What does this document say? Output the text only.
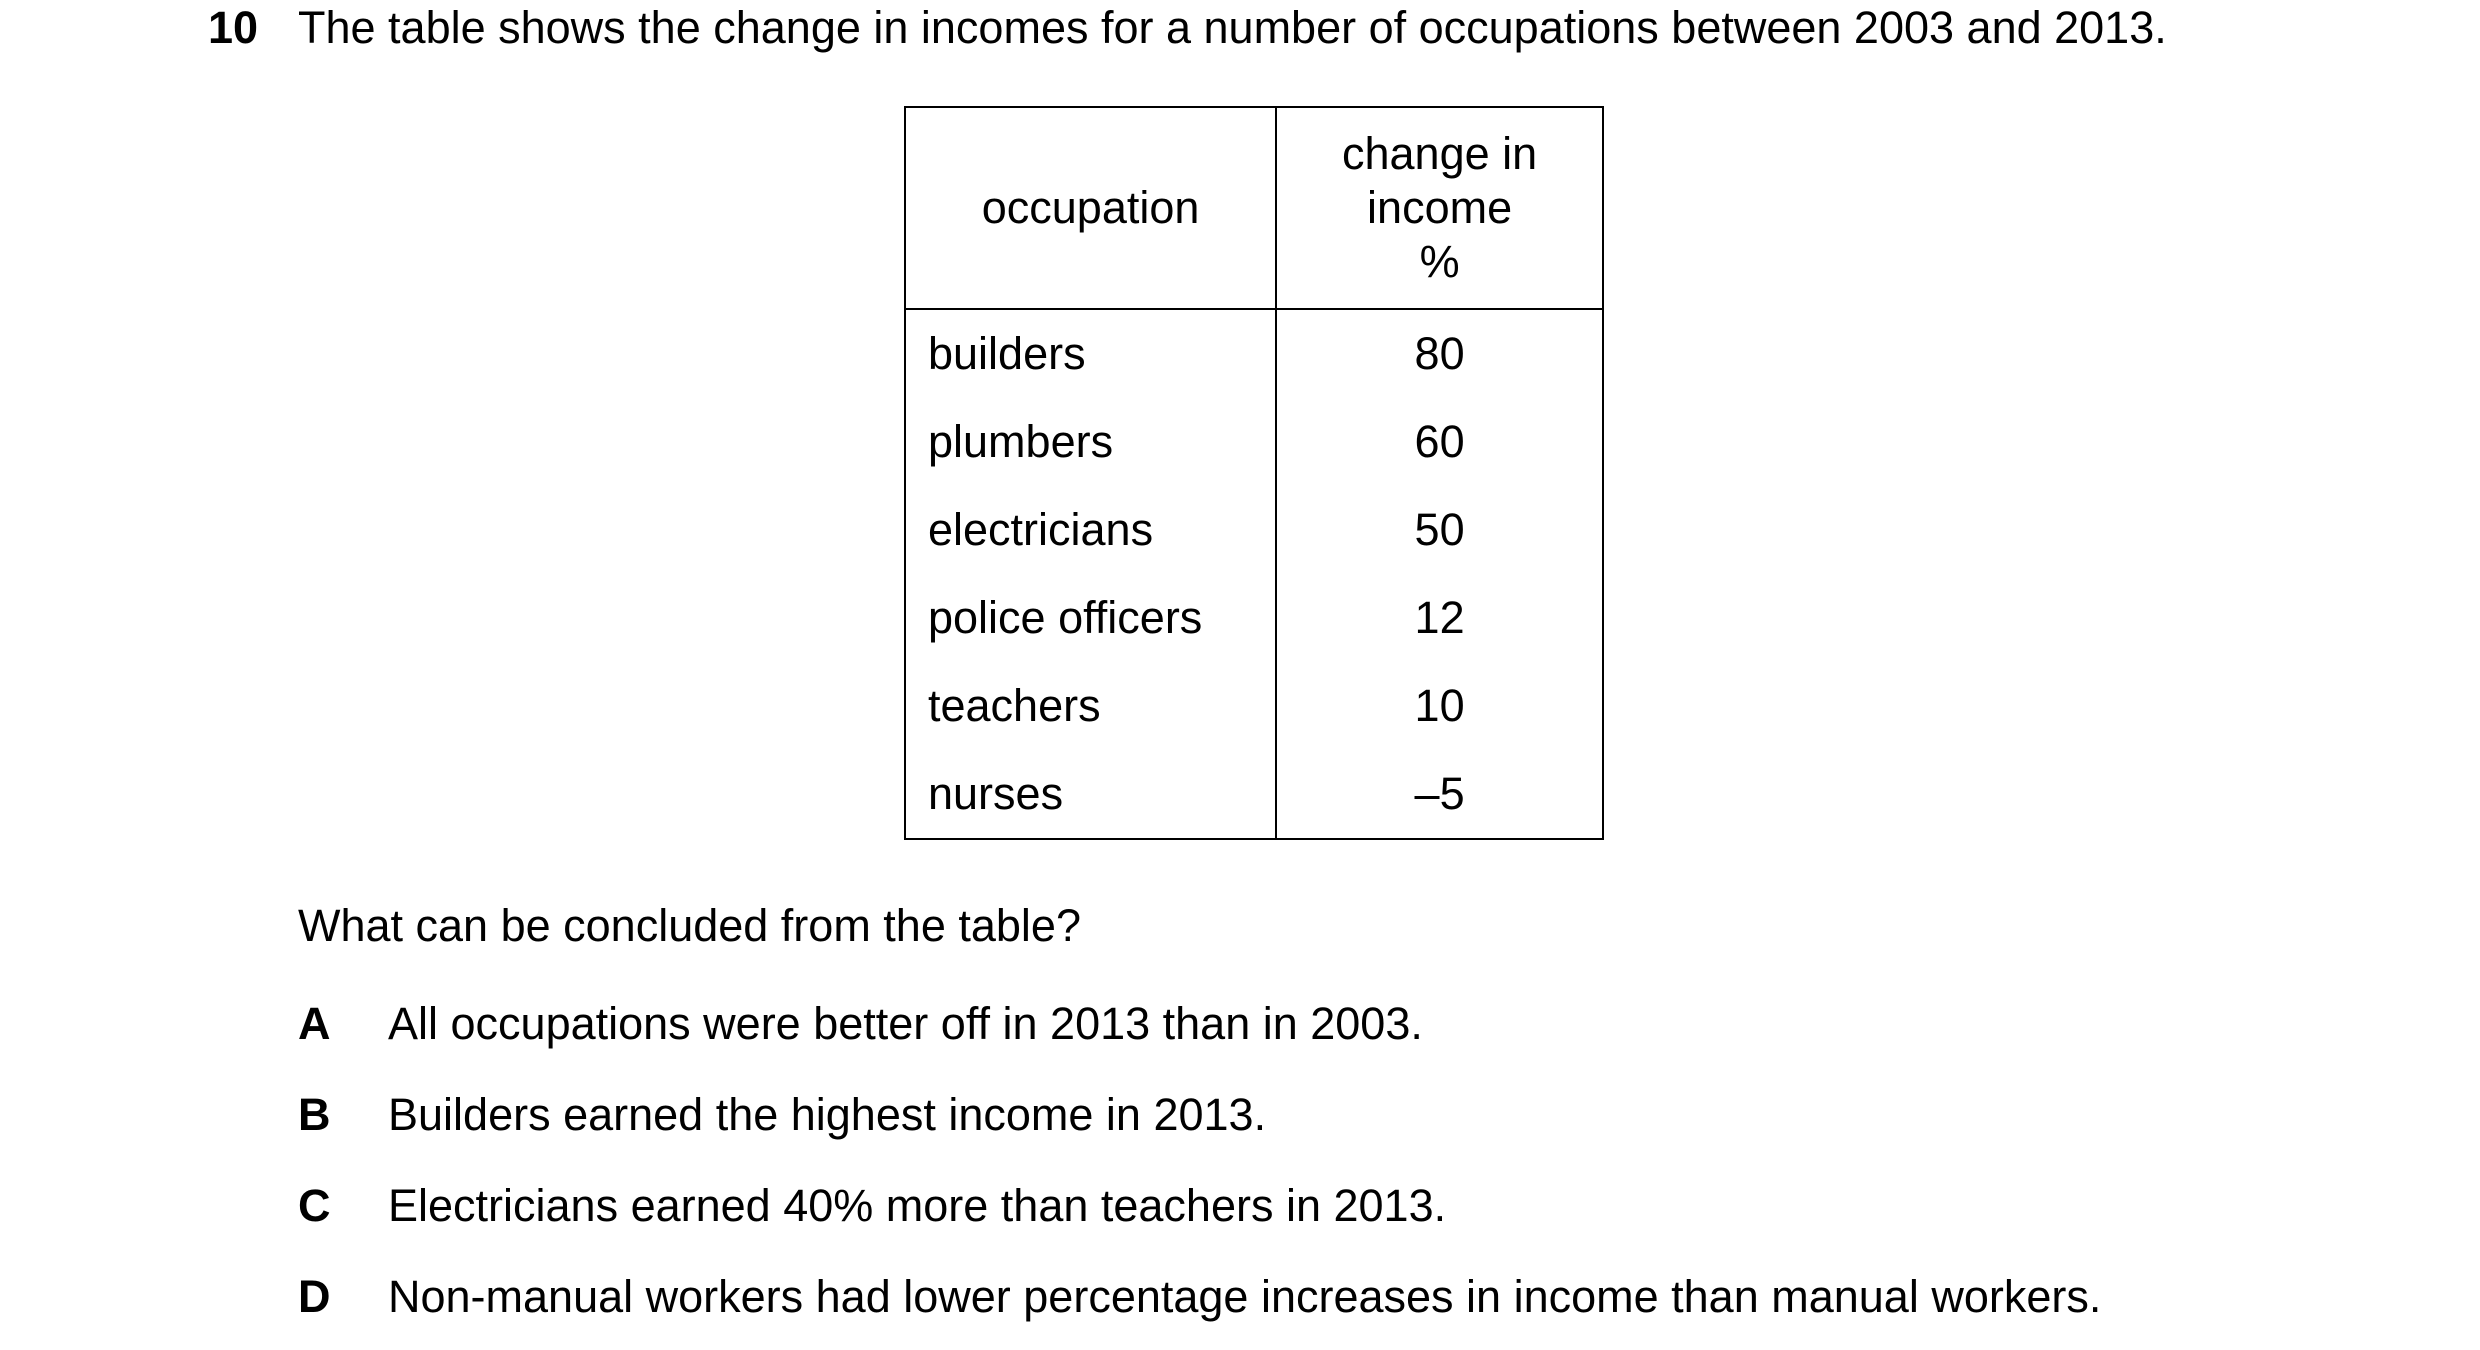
10 The table shows the change in incomes for a number of occupations between 2003 and 2013.
occupation	change in
income
%
builders	80
plumbers	60
electricians	50
police officers	12
teachers	10
nurses	–5
What can be concluded from the table?
A All occupations were better off in 2013 than in 2003.
B Builders earned the highest income in 2013.
C Electricians earned 40% more than teachers in 2013.
D Non-manual workers had lower percentage increases in income than manual workers.
